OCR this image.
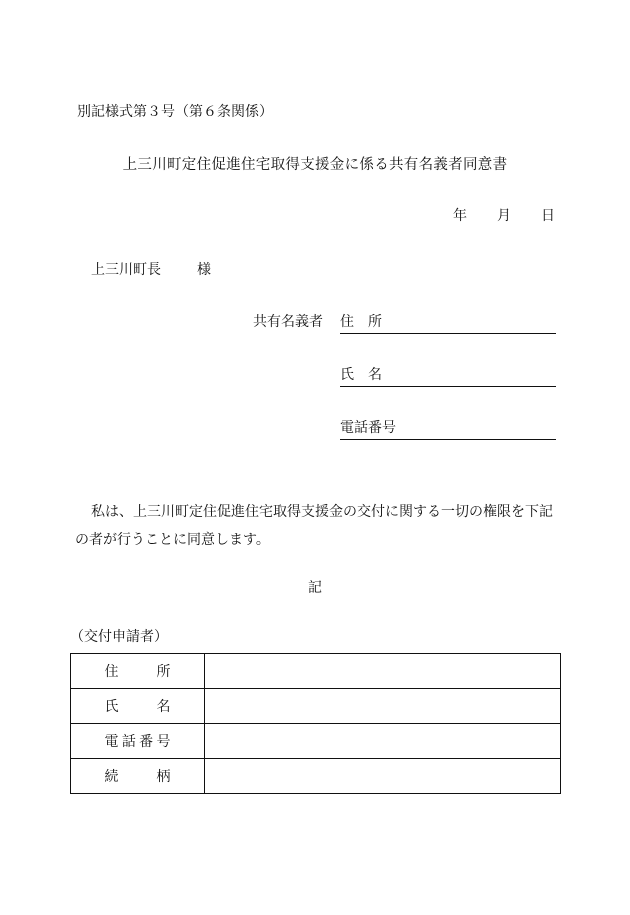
別記様式第３号（第６条関係）
上三川町定住促進住宅取得支援金に係る共有名義者同意書
年 月 日
上三川町長	様
共有名義者 住　所
氏　名
電話番号
私は、上三川町定住促進住宅取得支援金の交付に関する一切の権限を下記の者が行うことに同意します。
記
（交付申請者）
住所	
氏名	
電話番号	
続柄	
